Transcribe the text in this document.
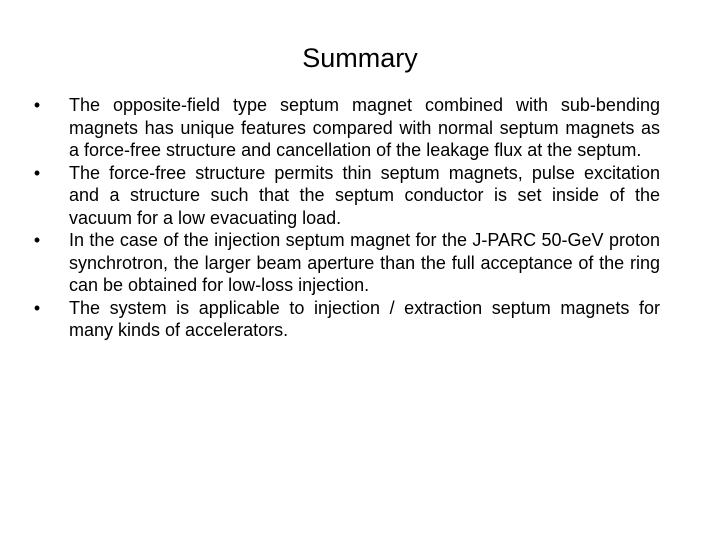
Summary
• The opposite-field type septum magnet combined with sub-bending magnets has unique features compared with normal septum magnets as a force-free structure and cancellation of the leakage flux at the septum.
• The force-free structure permits thin septum magnets, pulse excitation and a structure such that the septum conductor is set inside of the vacuum for a low evacuating load.
• In the case of the injection septum magnet for the J-PARC 50-GeV proton synchrotron, the larger beam aperture than the full acceptance of the ring can be obtained for low-loss injection.
• The system is applicable to injection / extraction septum magnets for many kinds of accelerators.
